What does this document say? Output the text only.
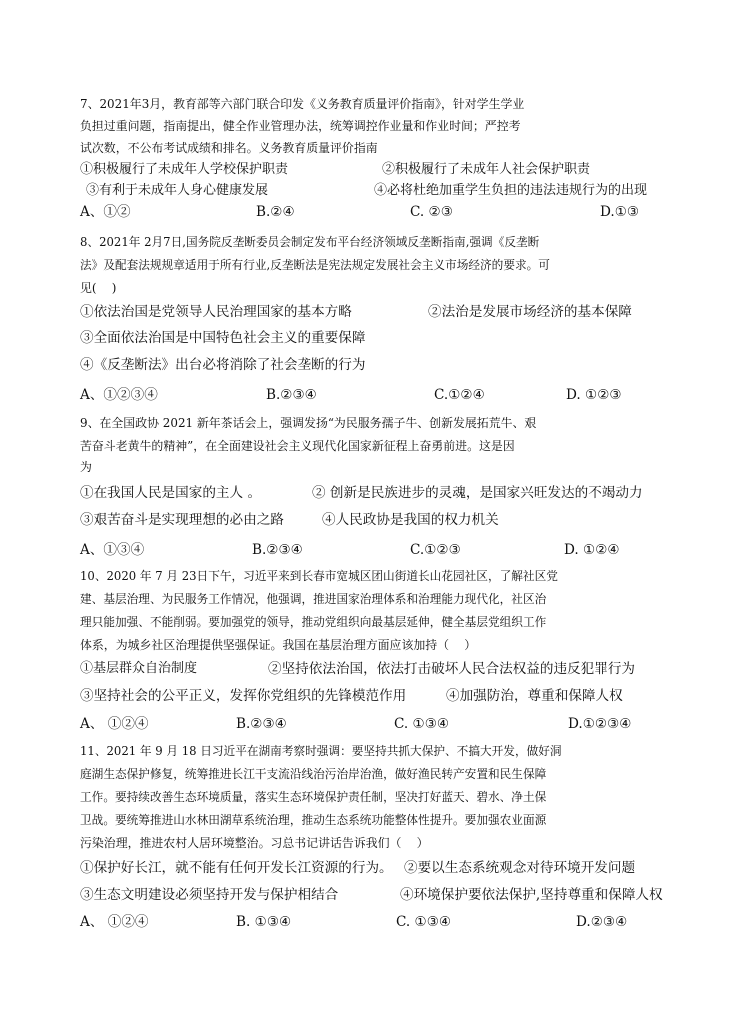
7、2021年3月，教育部等六部门联合印发《义务教育质量评价指南》，针对学生学业
负担过重问题，指南提出，健全作业管理办法，统筹调控作业量和作业时间；严控考
试次数，不公布考试成绩和排名。义务教育质量评价指南
①积极履行了未成年人学校保护职责	②积极履行了未成年人社会保护职责
③有利于未成年人身心健康发展	④必将杜绝加重学生负担的违法违规行为的出现
A、①②	B.②④	C. ②③	D.①③
8、2021年 2月7日,国务院反垄断委员会制定发布平台经济领域反垄断指南,强调《反垄断
法》及配套法规规章适用于所有行业,反垄断法是宪法规定发展社会主义市场经济的要求。可
见(    )
①依法治国是党领导人民治理国家的基本方略	②法治是发展市场经济的基本保障
③全面依法治国是中国特色社会主义的重要保障
④《反垄断法》出台必将消除了社会垄断的行为
A、①②③④	B.②③④	C.①②④	D. ①②③
9、在全国政协 2021 新年茶话会上，强调发扬“为民服务孺子牛、创新发展拓荒牛、艰
苦奋斗老黄牛的精神”，在全面建设社会主义现代化国家新征程上奋勇前进。这是因
为
①在我国人民是国家的主人 。	② 创新是民族进步的灵魂，是国家兴旺发达的不竭动力
③艰苦奋斗是实现理想的必由之路	④人民政协是我国的权力机关
A、①③④	B.②③④	C.①②③	D. ①②④
10、2020 年 7 月 23日下午，习近平来到长春市宽城区团山街道长山花园社区，了解社区党
建、基层治理、为民服务工作情况，他强调，推进国家治理体系和治理能力现代化，社区治
理只能加强、不能削弱。要加强党的领导，推动党组织向最基层延伸，健全基层党组织工作
体系，为城乡社区治理提供坚强保证。我国在基层治理方面应该加持（    ）
①基层群众自治制度	②坚持依法治国，依法打击破坏人民合法权益的违反犯罪行为
③坚持社会的公平正义，发挥你党组织的先锋模范作用	④加强防治，尊重和保障人权
A、 ①②④	B.②③④	C. ①③④	D.①②③④
11、2021 年 9 月 18 日习近平在湖南考察时强调：要坚持共抓大保护、不搞大开发，做好洞
庭湖生态保护修复，统筹推进长江干支流沿线治污治岸治渔，做好渔民转产安置和民生保障
工作。要持续改善生态环境质量，落实生态环境保护责任制，坚决打好蓝天、碧水、净土保
卫战。要统筹推进山水林田湖草系统治理，推动生态系统功能整体性提升。要加强农业面源
污染治理，推进农村人居环境整治。习总书记讲话告诉我们（    ）
①保护好长江，就不能有任何开发长江资源的行为。 ②要以生态系统观念对待环境开发问题
③生态文明建设必须坚持开发与保护相结合	④环境保护要依法保护,坚持尊重和保障人权
A、 ①②④	B. ①③④	C. ①③④	D.②③④
